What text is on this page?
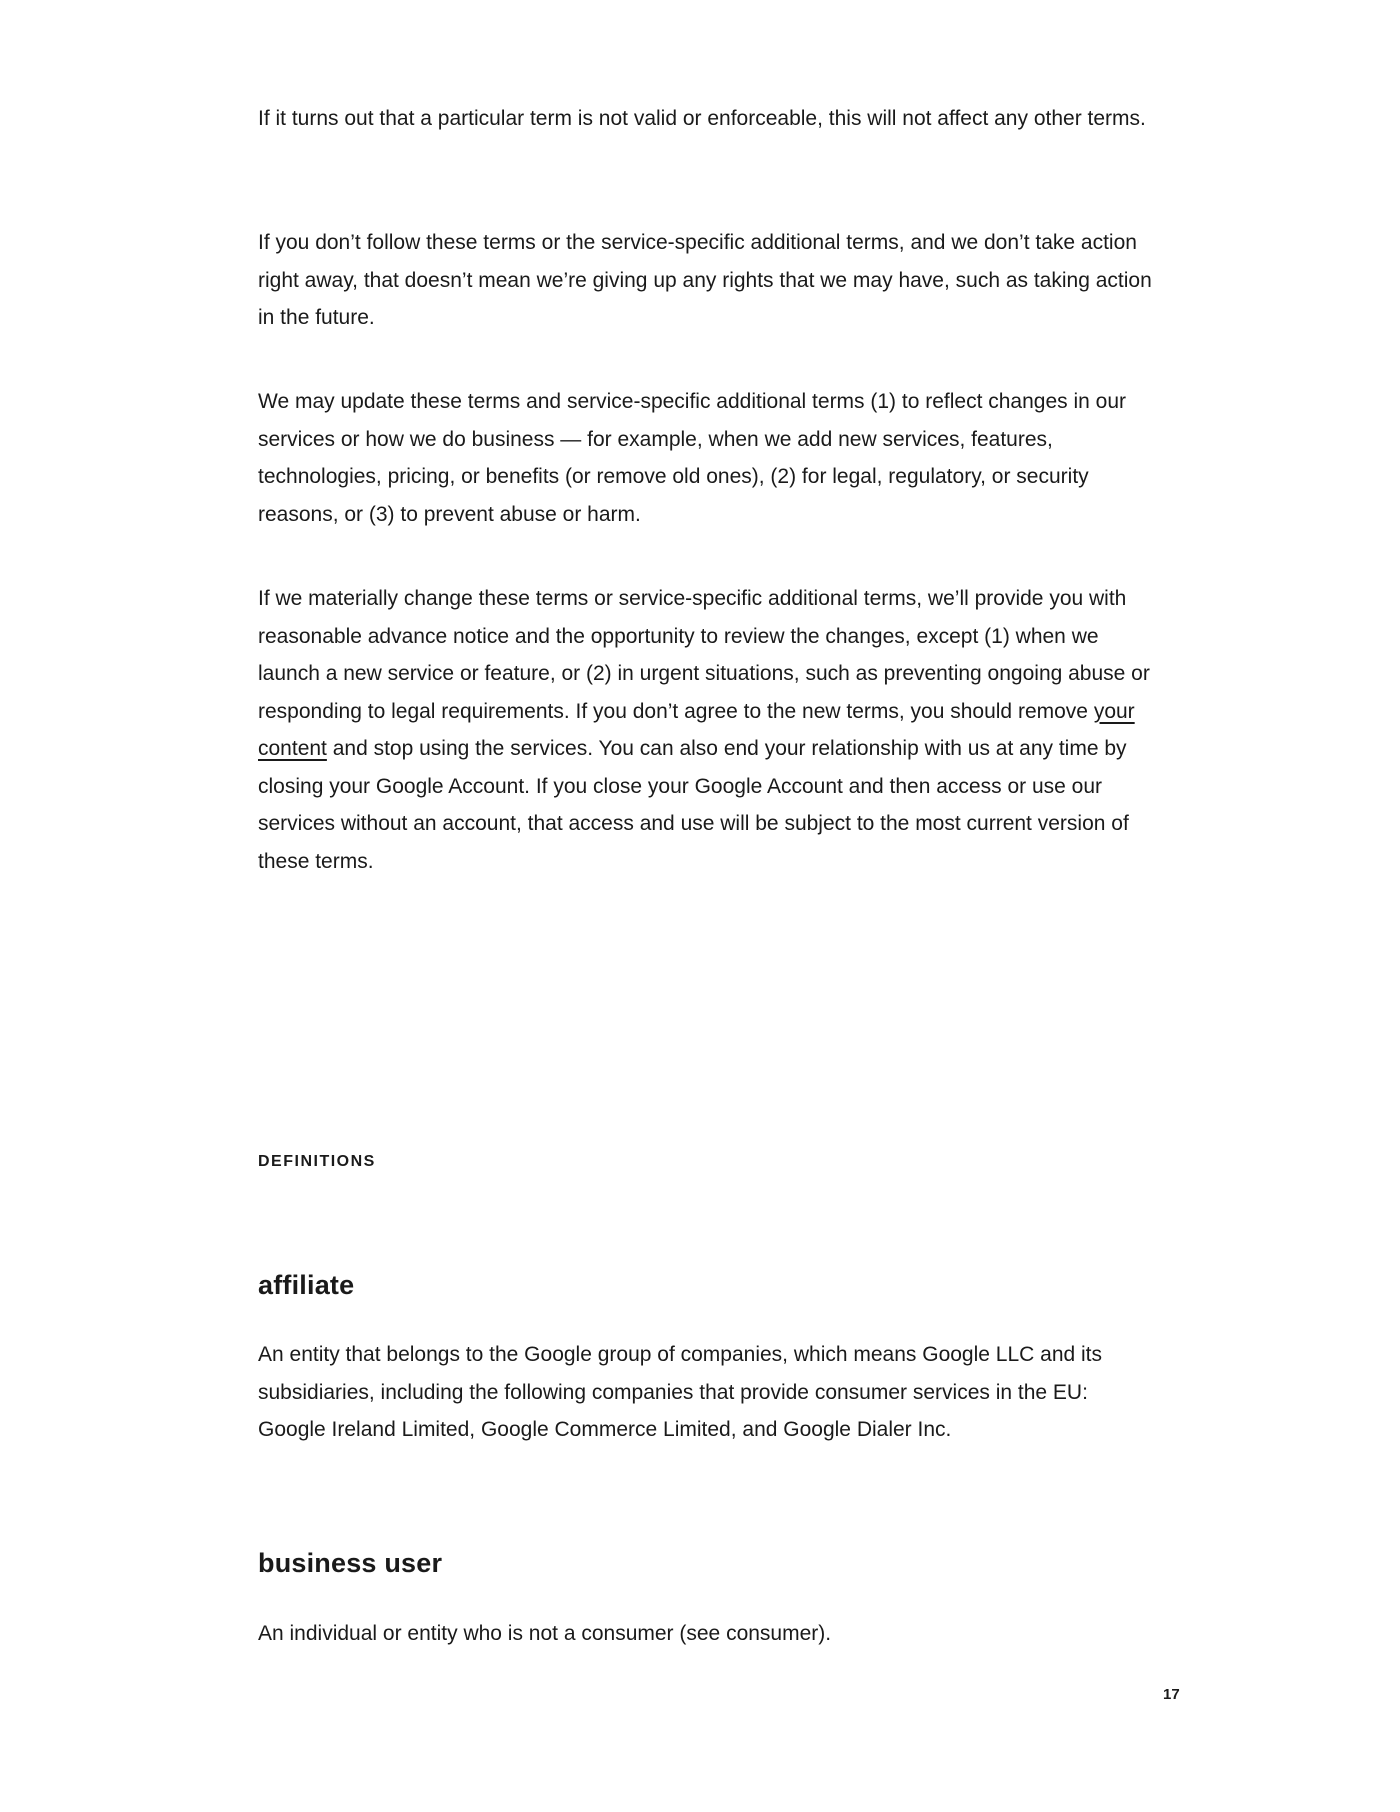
If it turns out that a particular term is not valid or enforceable, this will not affect any other terms.

If you don’t follow these terms or the service-specific additional terms, and we don’t take action right away, that doesn’t mean we’re giving up any rights that we may have, such as taking action in the future.

We may update these terms and service-specific additional terms (1) to reflect changes in our services or how we do business — for example, when we add new services, features, technologies, pricing, or benefits (or remove old ones), (2) for legal, regulatory, or security reasons, or (3) to prevent abuse or harm.

If we materially change these terms or service-specific additional terms, we’ll provide you with reasonable advance notice and the opportunity to review the changes, except (1) when we launch a new service or feature, or (2) in urgent situations, such as preventing ongoing abuse or responding to legal requirements. If you don’t agree to the new terms, you should remove your content and stop using the services. You can also end your relationship with us at any time by closing your Google Account. If you close your Google Account and then access or use our services without an account, that access and use will be subject to the most current version of these terms.

DEFINITIONS

affiliate

An entity that belongs to the Google group of companies, which means Google LLC and its subsidiaries, including the following companies that provide consumer services in the EU: Google Ireland Limited, Google Commerce Limited, and Google Dialer Inc.

business user

An individual or entity who is not a consumer (see consumer).

17
